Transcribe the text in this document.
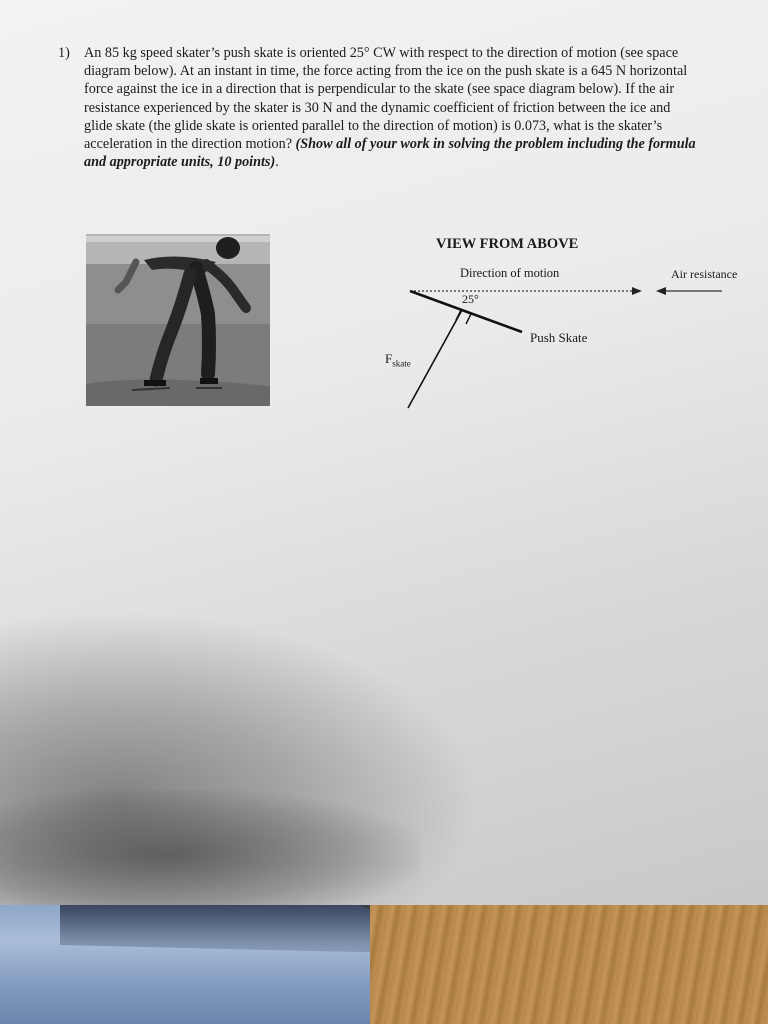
1) An 85 kg speed skater’s push skate is oriented 25° CW with respect to the direction of motion (see space diagram below). At an instant in time, the force acting from the ice on the push skate is a 645 N horizontal force against the ice in a direction that is perpendicular to the skate (see space diagram below). If the air resistance experienced by the skater is 30 N and the dynamic coefficient of friction between the ice and glide skate (the glide skate is oriented parallel to the direction of motion) is 0.073, what is the skater’s acceleration in the direction motion? (Show all of your work in solving the problem including the formula and appropriate units, 10 points).
VIEW FROM ABOVE
Direction of motion	Air resistance
25°
Push Skate
$F_{skate}$
